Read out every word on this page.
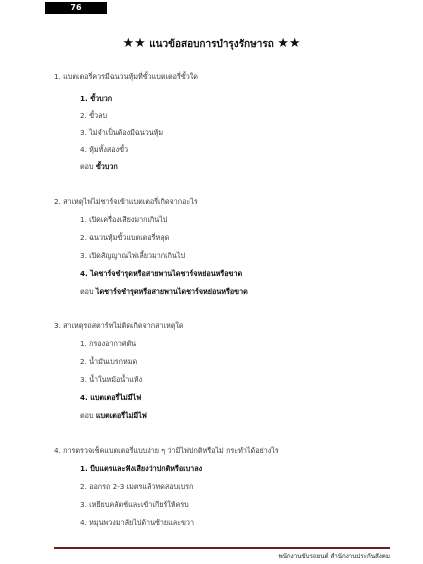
76
★★ แนวข้อสอบการบำรุงรักษารถ ★★
1. แบตเตอรี่ควรมีฉนวนหุ้มที่ขั้วแบตเตอรี่ขั้วใด
1. ขั้วบวก
2. ขั้วลบ
3. ไม่จำเป็นต้องมีฉนวนหุ้ม
4. หุ้มทั้งสองขั้ว
ตอบ ขั้วบวก
2. สาเหตุไฟไม่ชาร์จเข้าแบตเตอรี่เกิดจากอะไร
1. เปิดเครื่องเสียงมากเกินไป
2. ฉนวนหุ้มขั้วแบตเตอรี่หลุด
3. เปิดสัญญาณไฟเลี้ยวมากเกินไป
4. ไดชาร์จชำรุดหรือสายพานไดชาร์จหย่อนหรือขาด
ตอบ ไดชาร์จชำรุดหรือสายพานไดชาร์จหย่อนหรือขาด
3. สาเหตุรถสตาร์ทไม่ติดเกิดจากสาเหตุใด
1. กรองอากาศตัน
2. น้ำมันเบรกหมด
3. น้ำในหม้อน้ำแห้ง
4. แบตเตอรี่ไม่มีไฟ
ตอบ แบตเตอรี่ไม่มีไฟ
4. การตรวจเช็คแบตเตอรี่แบบง่าย ๆ ว่ามีไฟปกติหรือไม่ กระทำได้อย่างไร
1. บีบแตรและฟังเสียงว่าปกติหรือเบาลง
2. ออกรถ 2-3 เมตรแล้วทดสอบเบรก
3. เหยียบคลัตช์และเข้าเกียร์ให้ครบ
4. หมุนพวงมาลัยไปด้านซ้ายและขวา
พนักงานขับรถยนต์ สำนักงานประกันสังคม
